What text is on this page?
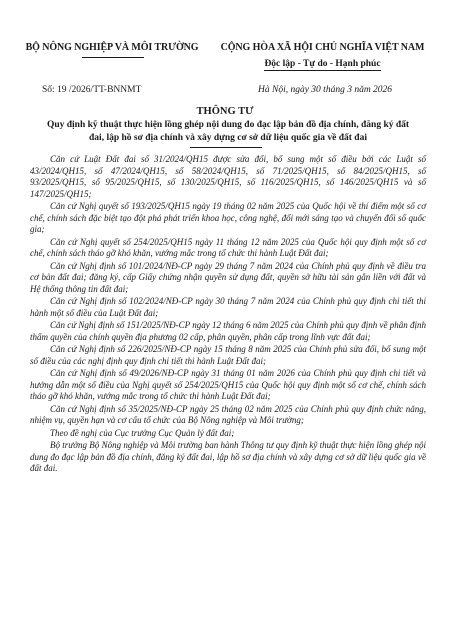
BỘ NÔNG NGHIỆP VÀ MÔI TRƯỜNG	CỘNG HÒA XÃ HỘI CHỦ NGHĨA VIỆT NAM
Độc lập - Tự do - Hạnh phúc
Số: 19 /2026/TT-BNNMT	Hà Nội, ngày 30 tháng 3 năm 2026
THÔNG TƯ
Quy định kỹ thuật thực hiện lồng ghép nội dung đo đạc lập bản đồ địa chính, đăng ký đất đai, lập hồ sơ địa chính và xây dựng cơ sở dữ liệu quốc gia về đất đai

Căn cứ Luật Đất đai số 31/2024/QH15 được sửa đổi, bổ sung một số điều bởi các Luật số 43/2024/QH15, số 47/2024/QH15, số 58/2024/QH15, số 71/2025/QH15, số 84/2025/QH15, số 93/2025/QH15, số 95/2025/QH15, số 130/2025/QH15, số 116/2025/QH15, số 146/2025/QH15 và số 147/2025/QH15;

Căn cứ Nghị quyết số 193/2025/QH15 ngày 19 tháng 02 năm 2025 của Quốc hội về thí điểm một số cơ chế, chính sách đặc biệt tạo đột phá phát triển khoa học, công nghệ, đổi mới sáng tạo và chuyển đổi số quốc gia;

Căn cứ Nghị quyết số 254/2025/QH15 ngày 11 tháng 12 năm 2025 của Quốc hội quy định một số cơ chế, chính sách tháo gỡ khó khăn, vướng mắc trong tổ chức thi hành Luật Đất đai;

Căn cứ Nghị định số 101/2024/NĐ-CP ngày 29 tháng 7 năm 2024 của Chính phủ quy định về điều tra cơ bản đất đai; đăng ký, cấp Giấy chứng nhận quyền sử dụng đất, quyền sở hữu tài sản gắn liền với đất và Hệ thống thông tin đất đai;

Căn cứ Nghị định số 102/2024/NĐ-CP ngày 30 tháng 7 năm 2024 của Chính phủ quy định chi tiết thi hành một số điều của Luật Đất đai;

Căn cứ Nghị định số 151/2025/NĐ-CP ngày 12 tháng 6 năm 2025 của Chính phủ quy định về phân định thẩm quyền của chính quyền địa phương 02 cấp, phân quyền, phân cấp trong lĩnh vực đất đai;

Căn cứ Nghị định số 226/2025/NĐ-CP ngày 15 tháng 8 năm 2025 của Chính phủ sửa đổi, bổ sung một số điều của các nghị định quy định chi tiết thi hành Luật Đất đai;

Căn cứ Nghị định số 49/2026/NĐ-CP ngày 31 tháng 01 năm 2026 của Chính phủ quy định chi tiết và hướng dẫn một số điều của Nghị quyết số 254/2025/QH15 của Quốc hội quy định một số cơ chế, chính sách tháo gỡ khó khăn, vướng mắc trong tổ chức thi hành Luật Đất đai;

Căn cứ Nghị định số 35/2025/NĐ-CP ngày 25 tháng 02 năm 2025 của Chính phủ quy định chức năng, nhiệm vụ, quyền hạn và cơ cấu tổ chức của Bộ Nông nghiệp và Môi trường;

Theo đề nghị của Cục trưởng Cục Quản lý đất đai;

Bộ trưởng Bộ Nông nghiệp và Môi trường ban hành Thông tư quy định kỹ thuật thực hiện lồng ghép nội dung đo đạc lập bản đồ địa chính, đăng ký đất đai, lập hồ sơ địa chính và xây dựng cơ sở dữ liệu quốc gia về đất đai.
